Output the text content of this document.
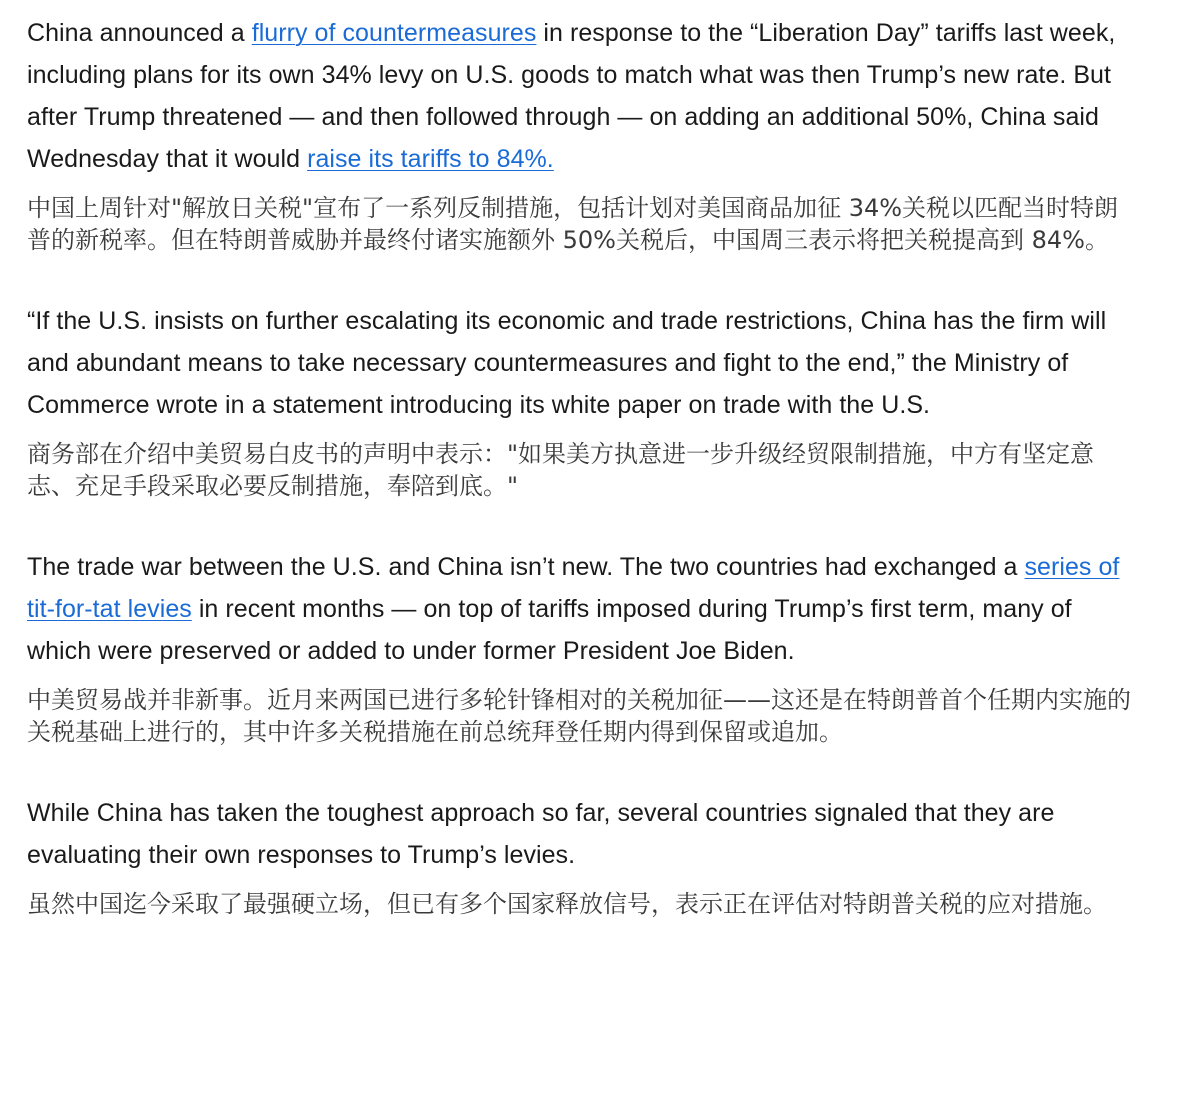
China announced a flurry of countermeasures in response to the “Liberation Day” tariffs last week, including plans for its own 34% levy on U.S. goods to match what was then Trump’s new rate. But after Trump threatened — and then followed through — on adding an additional 50%, China said Wednesday that it would raise its tariffs to 84%.

中国上周针对"解放日关税"宣布了一系列反制措施，包括计划对美国商品加征 34%关税以匹配当时特朗普的新税率。但在特朗普威胁并最终付诸实施额外 50%关税后，中国周三表示将把关税提高到 84%。

“If the U.S. insists on further escalating its economic and trade restrictions, China has the firm will and abundant means to take necessary countermeasures and fight to the end,” the Ministry of Commerce wrote in a statement introducing its white paper on trade with the U.S.

商务部在介绍中美贸易白皮书的声明中表示："如果美方执意进一步升级经贸限制措施，中方有坚定意志、充足手段采取必要反制措施，奉陪到底。"

The trade war between the U.S. and China isn’t new. The two countries had exchanged a series of tit-for-tat levies in recent months — on top of tariffs imposed during Trump’s first term, many of which were preserved or added to under former President Joe Biden.

中美贸易战并非新事。近月来两国已进行多轮针锋相对的关税加征——这还是在特朗普首个任期内实施的关税基础上进行的，其中许多关税措施在前总统拜登任期内得到保留或追加。

While China has taken the toughest approach so far, several countries signaled that they are evaluating their own responses to Trump’s levies.

虽然中国迄今采取了最强硬立场，但已有多个国家释放信号，表示正在评估对特朗普关税的应对措施。
